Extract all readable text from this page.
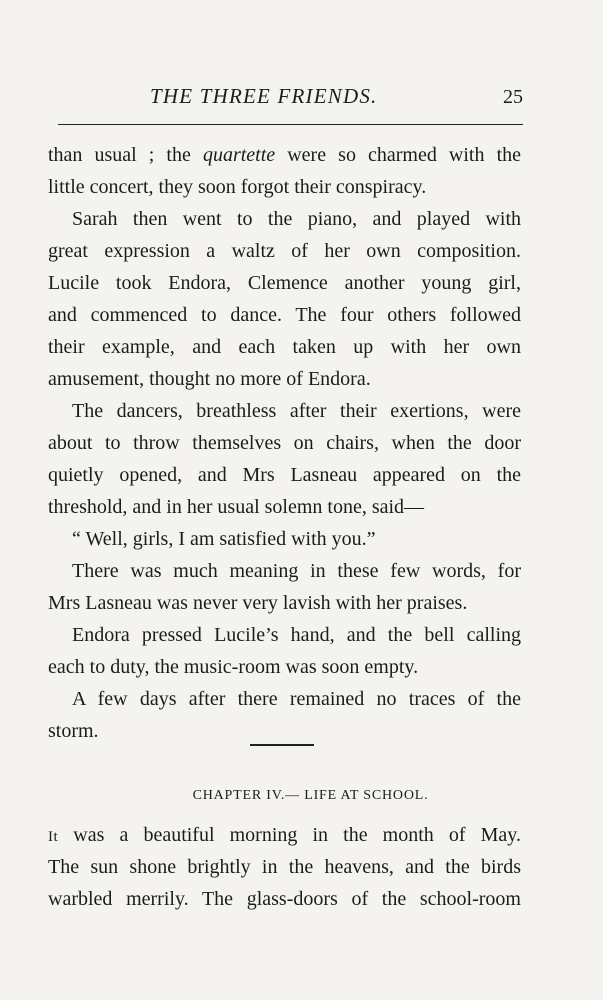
THE THREE FRIENDS.	25
than usual ; the quartette were so charmed with the
little concert, they soon forgot their conspiracy.
Sarah then went to the piano, and played with
great expression a waltz of her own composition.
Lucile took Endora, Clemence another young girl,
and commenced to dance. The four others followed
their example, and each taken up with her own
amusement, thought no more of Endora.
The dancers, breathless after their exertions, were
about to throw themselves on chairs, when the door
quietly opened, and Mrs Lasneau appeared on the
threshold, and in her usual solemn tone, said—
“ Well, girls, I am satisfied with you.”
There was much meaning in these few words, for
Mrs Lasneau was never very lavish with her praises.
Endora pressed Lucile’s hand, and the bell calling
each to duty, the music-room was soon empty.
A few days after there remained no traces of the
storm.
CHAPTER IV.— LIFE AT SCHOOL.
It was a beautiful morning in the month of May.
The sun shone brightly in the heavens, and the birds
warbled merrily. The glass-doors of the school-room
